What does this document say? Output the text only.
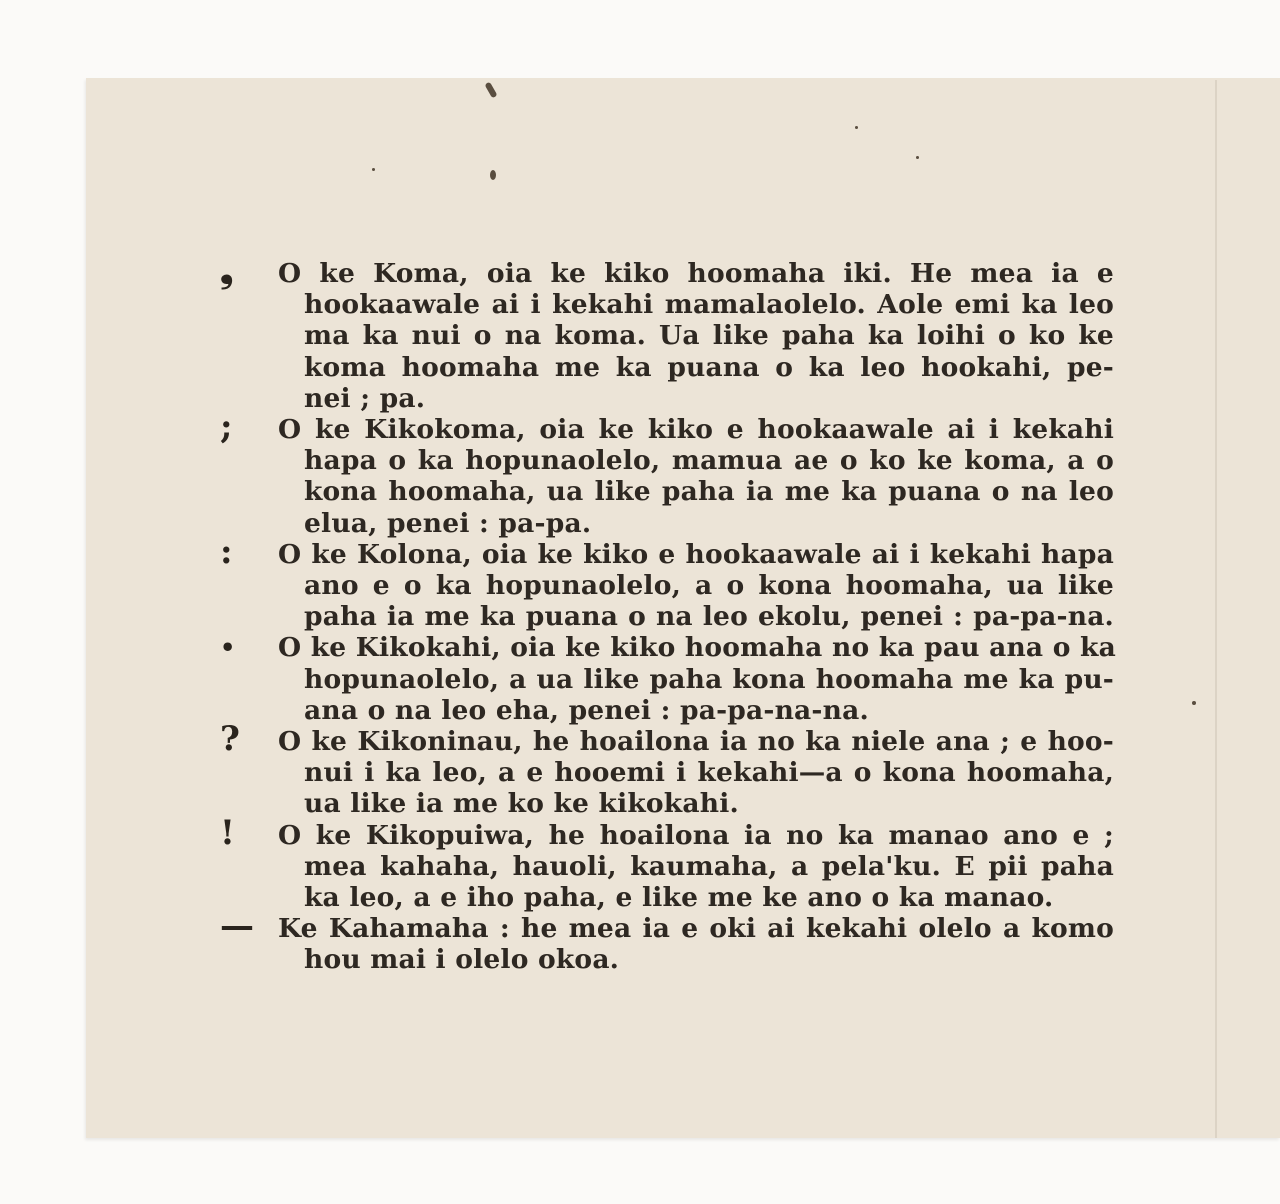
❟	O ke Koma, oia ke kiko hoomaha iki. He mea ia e
hookaawale ai i kekahi mamalaolelo. Aole emi ka leo
ma ka nui o na koma. Ua like paha ka loihi o ko ke
koma hoomaha me ka puana o ka leo hookahi, pe-
nei ; pa.
;	O ke Kikokoma, oia ke kiko e hookaawale ai i kekahi
hapa o ka hopunaolelo, mamua ae o ko ke koma, a o
kona hoomaha, ua like paha ia me ka puana o na leo
elua, penei : pa-pa.
:	O ke Kolona, oia ke kiko e hookaawale ai i kekahi hapa
ano e o ka hopunaolelo, a o kona hoomaha, ua like
paha ia me ka puana o na leo ekolu, penei : pa-pa-na.
•	O ke Kikokahi, oia ke kiko hoomaha no ka pau ana o ka
hopunaolelo, a ua like paha kona hoomaha me ka pu-
ana o na leo eha, penei : pa-pa-na-na.
?	O ke Kikoninau, he hoailona ia no ka niele ana ; e hoo-
nui i ka leo, a e hooemi i kekahi—a o kona hoomaha,
ua like ia me ko ke kikokahi.
!	O ke Kikopuiwa, he hoailona ia no ka manao ano e ;
mea kahaha, hauoli, kaumaha, a pela'ku. E pii paha
ka leo, a e iho paha, e like me ke ano o ka manao.
— Ke Kahamaha : he mea ia e oki ai kekahi olelo a komo
hou mai i olelo okoa.
